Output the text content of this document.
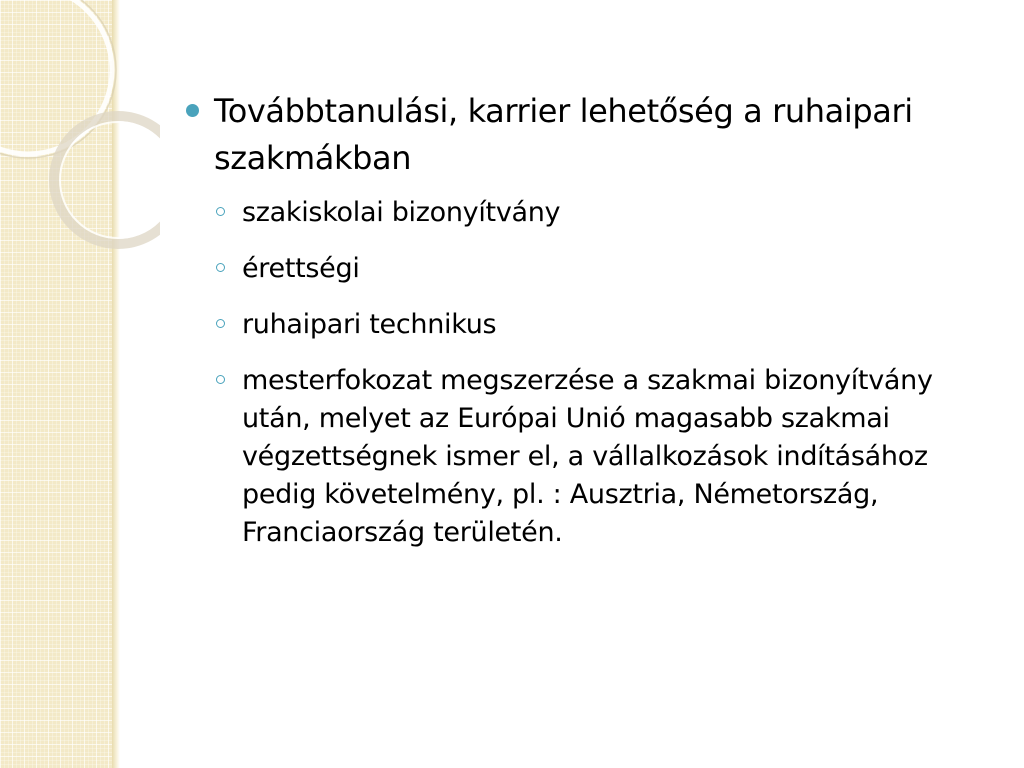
Továbbtanulási, karrier lehetőség a ruhaipari szakmákban
szakiskolai bizonyítvány
érettségi
ruhaipari technikus
mesterfokozat megszerzése a szakmai bizonyítvány után, melyet az Európai Unió magasabb szakmai végzettségnek ismer el, a vállalkozások indításához pedig követelmény, pl. : Ausztria, Németország, Franciaország területén.
